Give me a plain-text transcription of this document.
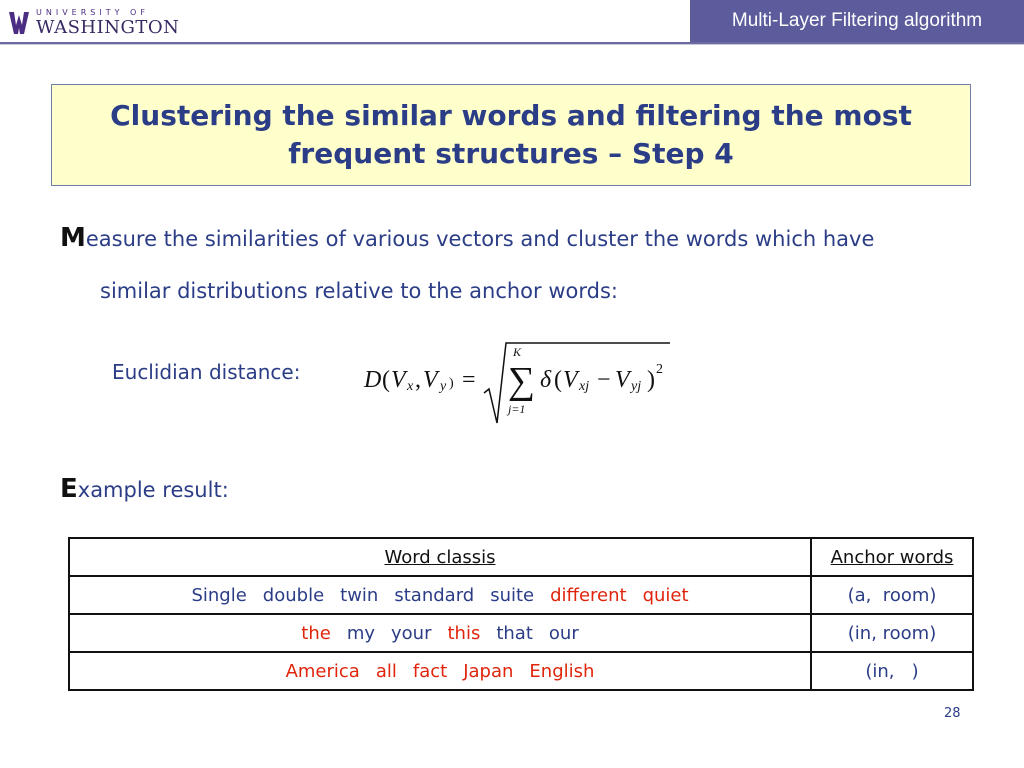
UNIVERSITY OF
WASHINGTON	Multi-Layer Filtering algorithm
Clustering the similar words and filtering the most frequent structures – Step 4
Measure the similarities of various vectors and cluster the words which have
similar distributions relative to the anchor words:
Euclidian distance:	D ( V x , V y ) = ∑
K
j=1
δ ( V xj − V yj ) 2
Example result:
Word classis	Anchor words
Single double twin standard suite different quiet	(a,  room)
the my your this that our	(in, room)
America all fact Japan English	(in,   )
28
